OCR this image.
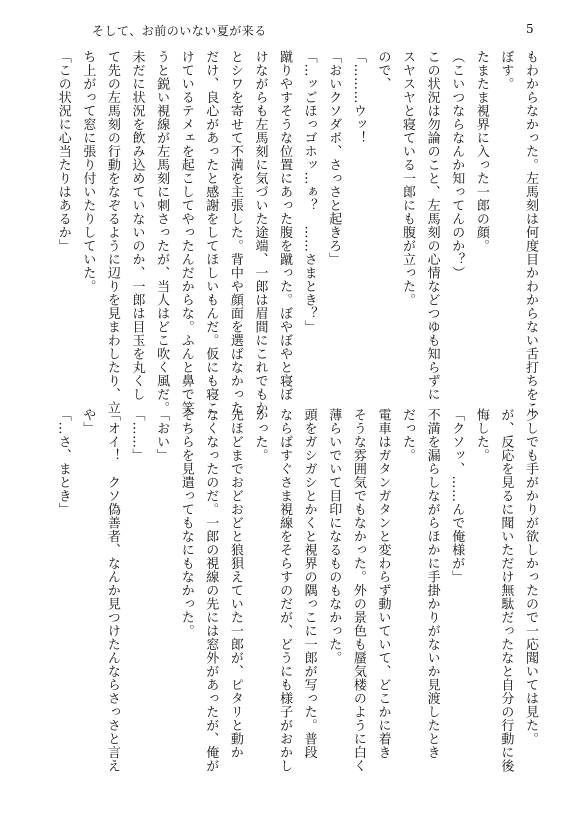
そして、お前のいない夏が来る	5
もわからなかった。左馬刻は何度目かわからない舌打ちをこ
ぼす。
たまたま視界に入った一郎の顔。
（こいつならなんか知ってんのか？）
この状況は勿論のこと、左馬刻の心情などつゆも知らずに
スヤスヤと寝ている一郎にも腹が立った。
ので、
「………ウッ！
「おいクソダボ、さっさと起きろ」
「…ッごほっゴホッ…ぁ？　……さまとき？」
蹴りやすそうな位置にあった腹を蹴った。ぼやぼやと寝ぼ
けながらも左馬刻に気づいた途端、一郎は眉間にこれでもか
とシワを寄せて不満を主張した。背中や顔面を選ばなかった
だけ、良心があったと感謝をしてほしいもんだ。仮にも寝こ
けているテメェを起こしてやったんだからな。ふんと鼻で笑
うと鋭い視線が左馬刻に刺さったが、当人はどこ吹く風だ。
未だに状況を飲み込めていないのか、一郎は目玉を丸くし
て先の左馬刻の行動をなぞるように辺りを見まわしたり、立
ち上がって窓に張り付いたりしていた。
「この状況に心当たりはあるか」
少しでも手がかりが欲しかったので一応聞いては見た。
が、反応を見るに聞いただけ無駄だったなと自分の行動に後
悔した。
「クソッ、……んで俺様が」
不満を漏らしながらほかに手掛かりがないか見渡したとき
だった。
電車はガタンガタンと変わらず動いていて、どこかに着き
そうな雰囲気でもなかった。外の景色も蜃気楼のように白く
薄らいでいて目印になるものもなかった。
頭をガシガシとかくと視界の隅っこに一郎が写った。普段
ならばすぐさま視線をそらすのだが、どうにも様子がおかし
かった。
先ほどまでおどおどと狼狽えていた一郎が、ピタリと動か
なくなったのだ。一郎の視線の先には窓外があったが、俺が
そちらを見遣ってもなにもなかった。
「おい」
「……」
「オイ！　クソ偽善者、なんか見つけたんならさっさと言え
や」
「…さ、まとき」
